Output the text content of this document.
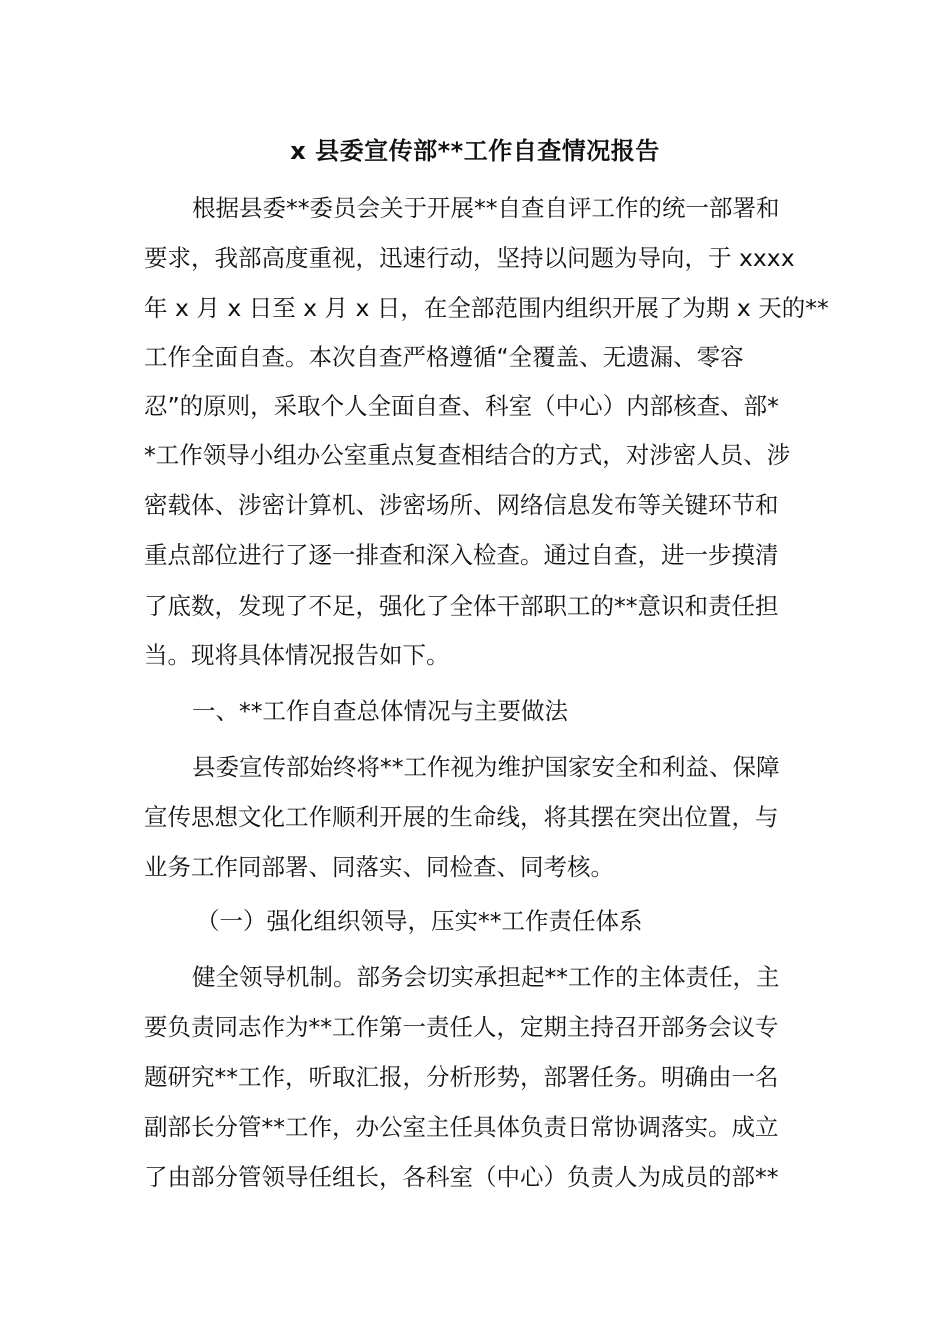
x 县委宣传部**工作自查情况报告
根据县委**委员会关于开展**自查自评工作的统一部署和
要求，我部高度重视，迅速行动，坚持以问题为导向，于 xxxx
年 x 月 x 日至 x 月 x 日，在全部范围内组织开展了为期 x 天的**
工作全面自查。本次自查严格遵循“全覆盖、无遗漏、零容
忍”的原则，采取个人全面自查、科室（中心）内部核查、部*
*工作领导小组办公室重点复查相结合的方式，对涉密人员、涉
密载体、涉密计算机、涉密场所、网络信息发布等关键环节和
重点部位进行了逐一排查和深入检查。通过自查，进一步摸清
了底数，发现了不足，强化了全体干部职工的**意识和责任担
当。现将具体情况报告如下。
一、**工作自查总体情况与主要做法
县委宣传部始终将**工作视为维护国家安全和利益、保障
宣传思想文化工作顺利开展的生命线，将其摆在突出位置，与
业务工作同部署、同落实、同检查、同考核。
（一）强化组织领导，压实**工作责任体系
健全领导机制。部务会切实承担起**工作的主体责任，主
要负责同志作为**工作第一责任人，定期主持召开部务会议专
题研究**工作，听取汇报，分析形势，部署任务。明确由一名
副部长分管**工作，办公室主任具体负责日常协调落实。成立
了由部分管领导任组长，各科室（中心）负责人为成员的部**
